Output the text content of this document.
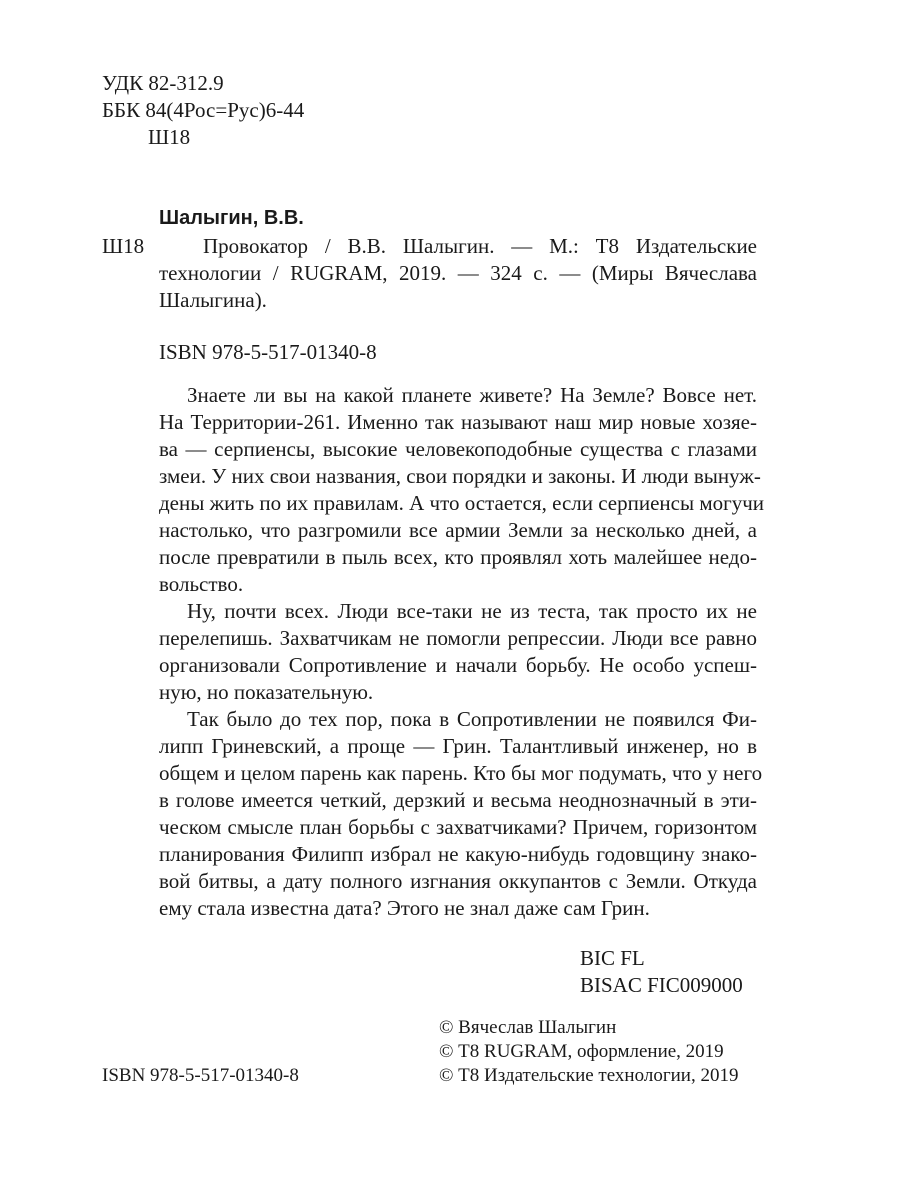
УДК 82-312.9
ББК 84(4Рос=Рус)6-44
Ш18
Шалыгин, В.В.
Ш18	Провокатор / В.В. Шалыгин. — М.: Т8 Издательские
технологии / RUGRAM, 2019. — 324 с. — (Миры Вячеслава
Шалыгина).
ISBN 978-5-517-01340-8
Знаете ли вы на какой планете живете? На Земле? Вовсе нет.
На Территории-261. Именно так называют наш мир новые хозяе-
ва — серпиенсы, высокие человекоподобные существа с глазами
змеи. У них свои названия, свои порядки и законы. И люди вынуж-
дены жить по их правилам. А что остается, если серпиенсы могучи
настолько, что разгромили все армии Земли за несколько дней, а
после превратили в пыль всех, кто проявлял хоть малейшее недо-
вольство.
Ну, почти всех. Люди все-таки не из теста, так просто их не
перелепишь. Захватчикам не помогли репрессии. Люди все равно
организовали Сопротивление и начали борьбу. Не особо успеш-
ную, но показательную.
Так было до тех пор, пока в Сопротивлении не появился Фи-
липп Гриневский, а проще — Грин. Талантливый инженер, но в
общем и целом парень как парень. Кто бы мог подумать, что у него
в голове имеется четкий, дерзкий и весьма неоднозначный в эти-
ческом смысле план борьбы с захватчиками? Причем, горизонтом
планирования Филипп избрал не какую-нибудь годовщину знако-
вой битвы, а дату полного изгнания оккупантов с Земли. Откуда
ему стала известна дата? Этого не знал даже сам Грин.
BIC FL
BISAC FIC009000
© Вячеслав Шалыгин
© Т8 RUGRAM, оформление, 2019
ISBN 978-5-517-01340-8	© Т8 Издательские технологии, 2019
